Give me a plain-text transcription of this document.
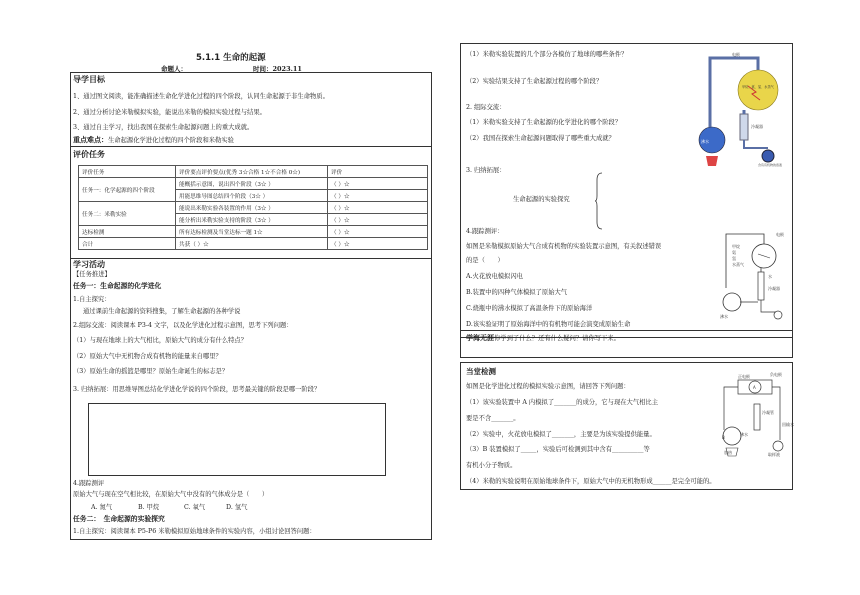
5.1.1 生命的起源
命题人：	时间：2023.11
导学目标
1、通过图文阅读，能准确描述生命化学进化过程的四个阶段，认同生命起源于非生命物质。
2、通过分析讨论米勒模拟实验，能说出米勒的模拟实验过程与结果。
3、通过自主学习，找出我国在探索生命起源问题上的重大成就。
重点难点：生命起源化学进化过程的四个阶段和米勒实验
评价任务
评价任务	评价要点评价要点(优秀 3☆合格 1☆不合格 0☆)	评价
任务一：化学起源的四个阶段	能概括示意图，说出四个阶段（3☆ ）	（ ）☆
	用能思维导图总结四个阶段（3☆ ）	（ ）☆
任务二：米勒实验	能说出米勒实验各装置的作用（3☆ ）	（ ）☆
	能分析出米勒实验支持的阶段（3☆ ）	（ ）☆
达标检测	所有达标检测及当堂达标一题 1☆	（ ）☆
合计	共获（ ）☆	（ ）☆
学习活动
【任务推进】
任务一：生命起源的化学进化
1.自主探究：
通过课前生命起源的资料搜集，了解生命起源的各种学说
2.组际交流：阅读课本 P3-4 文字，以及化学进化过程示意图，思考下列问题：
（1）与现在地球上的大气相比，原始大气的成分有什么特点？
（2）原始大气中无机物合成有机物的能量来自哪里？
（3）原始生命的摇篮是哪里？原始生命诞生的标志是？
3. 归纳拓展：用思维导图总结化学进化学说的四个阶段，思考最关键的阶段是哪一阶段？
4.跟踪测评
原始大气与现在空气相比较，在原始大气中没有的气体成分是（　　）
A. 氮气	B. 甲烷	C. 氧气	D. 氢气
任务二：　生命起源的实验探究
1.自主探究：阅读课本 P5-P6 米勒模拟原始地球条件的实验内容，小组讨论回答问题：
（1）米勒实验装置的几个部分各模仿了地球的哪些条件？
（2）实验结果支持了生命起源过程的哪个阶段？
2. 组际交流：
（1）米勒实验支持了生命起源的化学进化的哪个阶段？
（2）我国在探索生命起源问题取得了哪些重大成就？
3. 归纳拓展：
生命起源的实验探究
4.跟踪测评：
如图是米勒模拟原始大气合成有机物的实验装置示意图，有关叙述错误
的是（　　）
A.火花放电模拟闪电
B.装置中的四种气体模拟了原始大气
C.烧瓶中的沸水模拟了高温条件下的原始海洋
D.该实验证明了原始海洋中的有机物可能会演变成原始生命
学海无涯你学到了什么？还有什么疑问？请你写下来。
当堂检测
如图是化学进化过程的模拟实验示意图，请回答下列问题：
（1）该实验装置中 A 内模拟了_______的成分，它与现在大气相比主
要是不含_______。
（2）实验中，火花放电模拟了_______，主要是为该实验提供能量。
（3）B 装置模拟了_____，实验后可检测到其中含有__________等
有机小分子物质。
（4）米勒的实验说明在原始地球条件下，原始大气中的无机物形成______是完全可能的。
电极
甲烷、氨、氢、水蒸气
冷凝器
沸水
含有有机物的溶液
电极
甲烷
氨
氢
水蒸气
水
冷凝器
沸水
负电极
正电极
A
B
冷凝管
沸水
加热
回输水
取样液
